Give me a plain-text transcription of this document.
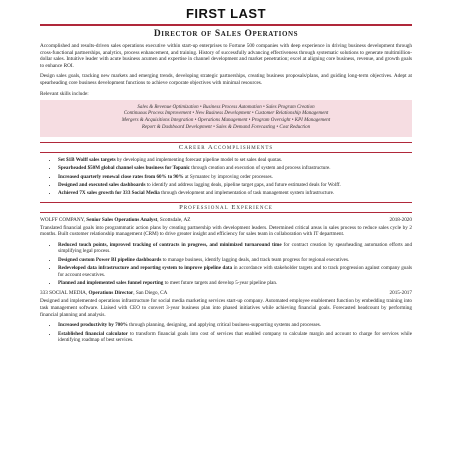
FIRST LAST
Director of Sales Operations

Accomplished and results-driven sales operations executive within start-up enterprises to Fortune 500 companies with deep experience in driving business development through cross-functional partnerships, analytics, process enhancement, and training. History of successfully advancing effectiveness through systematic solutions to generate multimillion-dollar sales. Intuitive leader with acute business acumen and expertise in channel development and market penetration; excel at aligning core business, revenue, and growth goals to enhance ROI.

Design sales goals, tracking new markets and emerging trends, developing strategic partnerships, creating business proposals/plans, and guiding long-term objectives. Adept at spearheading core business development functions to achieve corporate objectives with minimal resources.

Relevant skills include:
Sales & Revenue Optimization • Business Process Automation • Sales Program Creation
Continuous Process Improvement • New Business Development • Customer Relationship Management
Mergers & Acquisitions Integration • Operations Management • Program Oversight • KPI Management
Report & Dashboard Development • Sales & Demand Forecasting • Cost Reduction
Career Accomplishments
• Set $1B Wolff sales targets by developing and implementing forecast pipeline model to set sales deal quotas.
• Spearheaded $50M global channel sales business for Topanic through creation and execution of system and process infrastructure.
• Increased quarterly renewal close rates from 60% to 90% at Symantec by improving order processes.
• Designed and executed sales dashboards to identify and address lagging deals, pipeline target gaps, and future estimated deals for Wolff.
• Achieved 7X sales growth for 333 Social Media through development and implementation of task management system infrastructure.
Professional Experience
WOLFF COMPANY, Senior Sales Operations Analyst, Scottsdale, AZ	2018-2020

Translated financial goals into programmatic action plans by creating partnership with development leaders. Determined critical areas in sales process to reduce sales cycle by 2 months. Built customer relationship management (CRM) to drive greater insight and efficiency for sales team in collaboration with IT department.

• Reduced touch points, improved tracking of contracts in progress, and minimized turnaround time for contract creation by spearheading automation efforts and simplifying legal process.
• Designed custom Power BI pipeline dashboards to manage business, identify lagging deals, and track team progress for regional executives.
• Redeveloped data infrastructure and reporting system to improve pipeline data in accordance with stakeholder targets and to track progression against company goals for account executives.
• Planned and implemented sales funnel reporting to meet future targets and develop 5-year pipeline plan.
333 SOCIAL MEDIA, Operations Director, San Diego, CA	2015-2017

Designed and implemented operations infrastructure for social media marketing services start-up company. Automated employee enablement function by embedding training into task management software. Liaised with CEO to convert 3-year business plan into phased initiatives while achieving financial goals. Forecasted headcount by performing financial planning and analysis.

• Increased productivity by 700% through planning, designing, and applying critical business-supporting systems and processes.
• Established financial calculator to transform financial goals into cost of services that enabled company to calculate margin and account to charge for services while identifying roadmap of best services.
